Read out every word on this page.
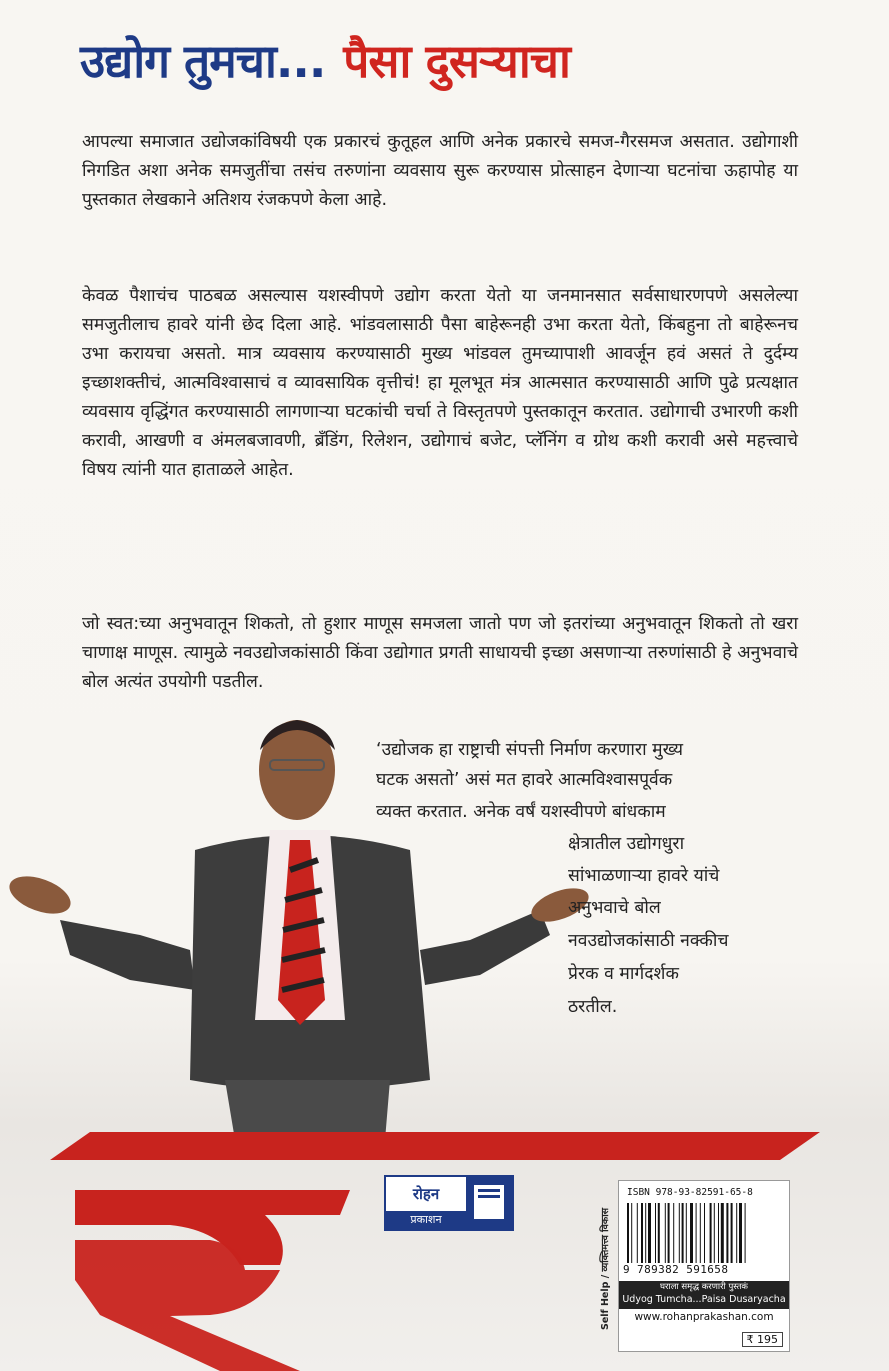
उद्योग तुमचा... पैसा दुसऱ्याचा

आपल्या समाजात उद्योजकांविषयी एक प्रकारचं कुतूहल आणि अनेक प्रकारचे समज-गैरसमज असतात. उद्योगाशी निगडित अशा अनेक समजुतींचा तसंच तरुणांना व्यवसाय सुरू करण्यास प्रोत्साहन देणाऱ्या घटनांचा ऊहापोह या पुस्तकात लेखकाने अतिशय रंजकपणे केला आहे.

केवळ पैशाचंच पाठबळ असल्यास यशस्वीपणे उद्योग करता येतो या जनमानसात सर्वसाधारणपणे असलेल्या समजुतीलाच हावरे यांनी छेद दिला आहे. भांडवलासाठी पैसा बाहेरूनही उभा करता येतो, किंबहुना तो बाहेरूनच उभा करायचा असतो. मात्र व्यवसाय करण्यासाठी मुख्य भांडवल तुमच्यापाशी आवर्जून हवं असतं ते दुर्दम्य इच्छाशक्तीचं, आत्मविश्वासाचं व व्यावसायिक वृत्तीचं! हा मूलभूत मंत्र आत्मसात करण्यासाठी आणि पुढे प्रत्यक्षात व्यवसाय वृद्धिंगत करण्यासाठी लागणाऱ्या घटकांची चर्चा ते विस्तृतपणे पुस्तकातून करतात. उद्योगाची उभारणी कशी करावी, आखणी व अंमलबजावणी, ब्रँडिंग, रिलेशन, उद्योगाचं बजेट, प्लॅनिंग व ग्रोथ कशी करावी असे महत्त्वाचे विषय त्यांनी यात हाताळले आहेत.

जो स्वत:च्या अनुभवातून शिकतो, तो हुशार माणूस समजला जातो पण जो इतरांच्या अनुभवातून शिकतो तो खरा चाणाक्ष माणूस. त्यामुळे नवउद्योजकांसाठी किंवा उद्योगात प्रगती साधायची इच्छा असणाऱ्या तरुणांसाठी हे अनुभवाचे बोल अत्यंत उपयोगी पडतील.

‘उद्योजक हा राष्ट्राची संपत्ती निर्माण करणारा मुख्य
घटक असतो’ असं मत हावरे आत्मविश्वासपूर्वक
व्यक्त करतात. अनेक वर्षं यशस्वीपणे बांधकाम
क्षेत्रातील उद्योगधुरा
सांभाळणाऱ्या हावरे यांचे
अनुभवाचे बोल
नवउद्योजकांसाठी नक्कीच
प्रेरक व मार्गदर्शक
ठरतील.
रोहन
प्रकाशन	Self Help / व्यक्तिमत्त्व विकास
ISBN 978-93-82591-65-8
9 789382 591658
घराला समृद्ध करणारी पुस्तकं
Udyog Tumcha...Paisa Dusaryacha
www.rohanprakashan.com
₹ 195
